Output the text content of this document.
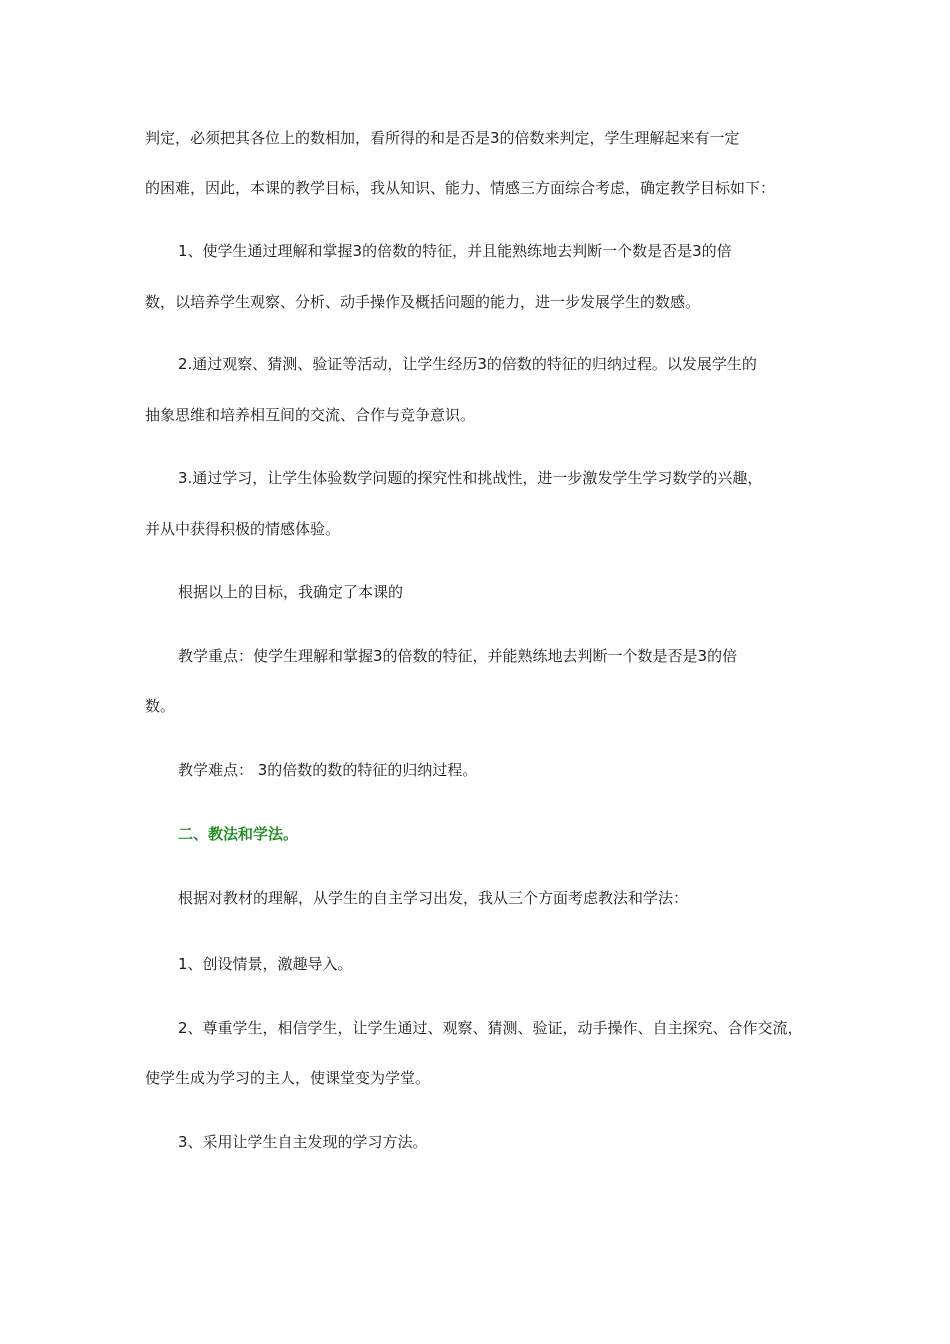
判定，必须把其各位上的数相加，看所得的和是否是3的倍数来判定，学生理解起来有一定
的困难，因此，本课的教学目标，我从知识、能力、情感三方面综合考虑，确定教学目标如下：
1、使学生通过理解和掌握3的倍数的特征，并且能熟练地去判断一个数是否是3的倍
数，以培养学生观察、分析、动手操作及概括问题的能力，进一步发展学生的数感。
2.通过观察、猜测、验证等活动，让学生经历3的倍数的特征的归纳过程。以发展学生的
抽象思维和培养相互间的交流、合作与竞争意识。
3.通过学习，让学生体验数学问题的探究性和挑战性，进一步激发学生学习数学的兴趣，
并从中获得积极的情感体验。
根据以上的目标，我确定了本课的
教学重点：使学生理解和掌握3的倍数的特征，并能熟练地去判断一个数是否是3的倍
数。
教学难点： 3的倍数的数的特征的归纳过程。
二、教法和学法。
根据对教材的理解，从学生的自主学习出发，我从三个方面考虑教法和学法：
1、创设情景，激趣导入。
2、尊重学生，相信学生，让学生通过、观察、猜测、验证，动手操作、自主探究、合作交流，
使学生成为学习的主人，使课堂变为学堂。
3、采用让学生自主发现的学习方法。
